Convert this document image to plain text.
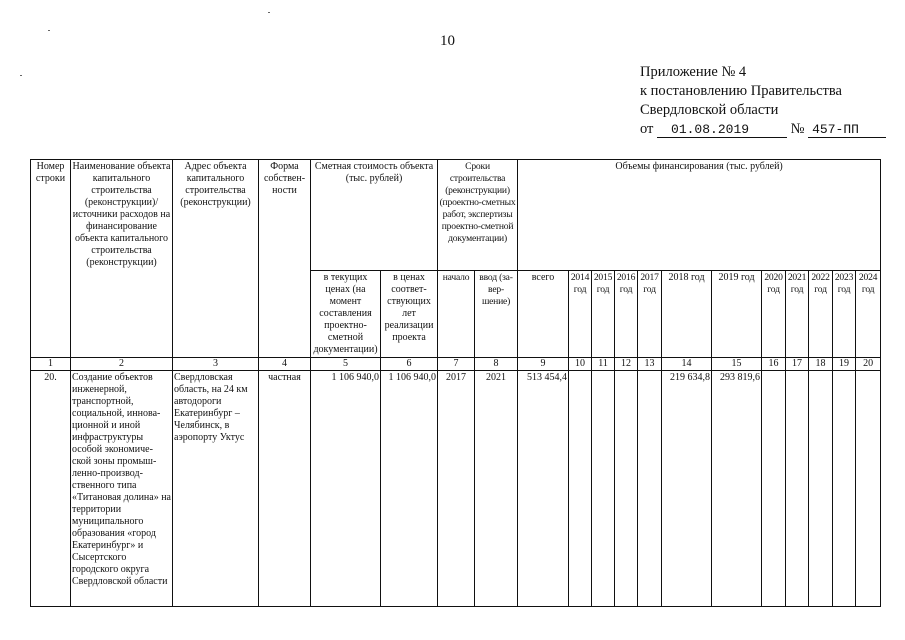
10
Приложение № 4
к постановлению Правительства
Свердловской области
от 01.08.2019	№ 457-ПП
Номер строки	Наименование объекта капитального строительства (реконструкции)/ источники расходов на финансирование объекта капитального строительства (реконструкции)	Адрес объекта капитального строительства (реконструкции)	Форма собствен-ности	Сметная стоимость объекта (тыс. рублей)		Сроки строительства (реконструкции) (проектно-сметных работ, экспертизы проектно-сметной документации)		Объемы финансирования (тыс. рублей)											
				в текущих ценах (на момент составления проектно-сметной документации)	в ценах соответ-ствующих лет реализации проекта	начало	ввод (за-вер-шение)	всего	2014 год	2015 год	2016 год	2017 год	2018 год	2019 год	2020 год	2021 год	2022 год	2023 год	2024 год
1	2	3	4	5	6	7	8	9	10	11	12	13	14	15	16	17	18	19	20
20.	Создание объектов инженерной, транспортной, социальной, иннова-ционной и иной инфраструктуры особой экономиче-ской зоны промыш-ленно-производ-ственного типа «Титановая долина» на территории муниципального образования «город Екатеринбург» и Сысертского городского округа Свердловской области	Свердловская область, на 24 км автодороги Екатеринбург – Челябинск, в аэропорту Уктус	частная	1 106 940,0	1 106 940,0	2017	2021	513 454,4					219 634,8	293 819,6					
